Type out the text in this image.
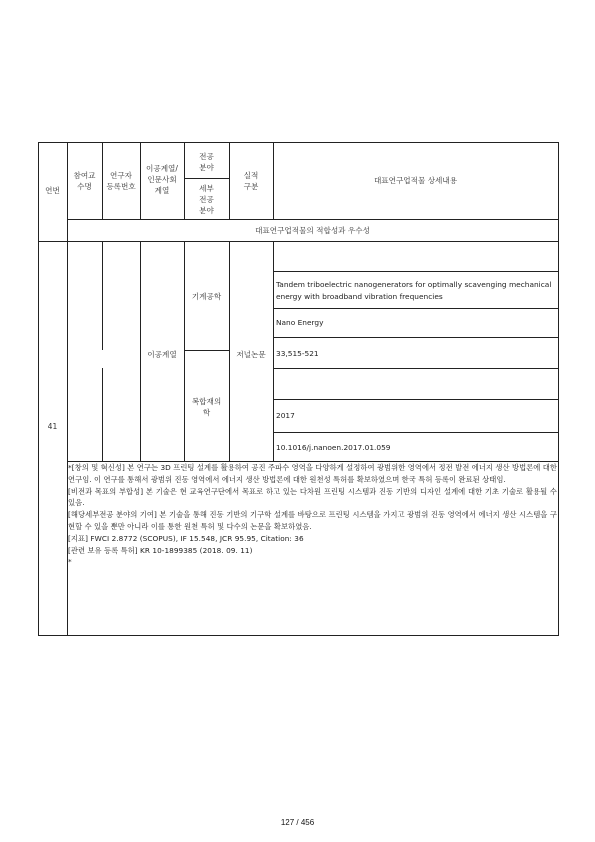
연번
참여교
수명
연구자
등록번호
이공계열/
인문사회
계열
전공
분야
세부
전공
분야
실적
구분
대표연구업적물 상세내용
대표연구업적물의 적합성과 우수성
41
이공계열
기계공학
복합재의
학
저널논문
Tandem triboelectric nanogenerators for optimally scavenging mechanical energy with broadband vibration frequencies
Nano Energy
33,515-521
2017
10.1016/j.nanoen.2017.01.059

*[창의 및 혁신성] 본 연구는 3D 프린팅 설계를 활용하여 공진 주파수 영역을 다양하게 설정하여 광범위한 영역에서 정전 발전 에너지 생산 방법론에 대한 연구임. 이 연구를 통해서 광범위 진동 영역에서 에너지 생산 방법론에 대한 원천성 특허를 확보하였으며 한국 특허 등록이 완료된 상태임.

[비전과 목표의 부합성] 본 기술은 현 교육연구단에서 목표로 하고 있는 다차원 프린팅 시스템과 진동 기반의 디자인 설계에 대한 기초 기술로 활용될 수 있음.

[해당세부전공 분야의 기여] 본 기술을 통해 진동 기반의 기구학 설계를 바탕으로 프린팅 시스템을 가지고 광범위 진동 영역에서 에너지 생산 시스템을 구현할 수 있을 뿐만 아니라 이를 통한 원천 특허 및 다수의 논문을 확보하였음.

[지표] FWCI 2.8772 (SCOPUS), IF 15.548, JCR 95.95, Citation: 36

[관련 보유 등록 특허] KR 10-1899385 (2018. 09. 11)

*

127 / 456
